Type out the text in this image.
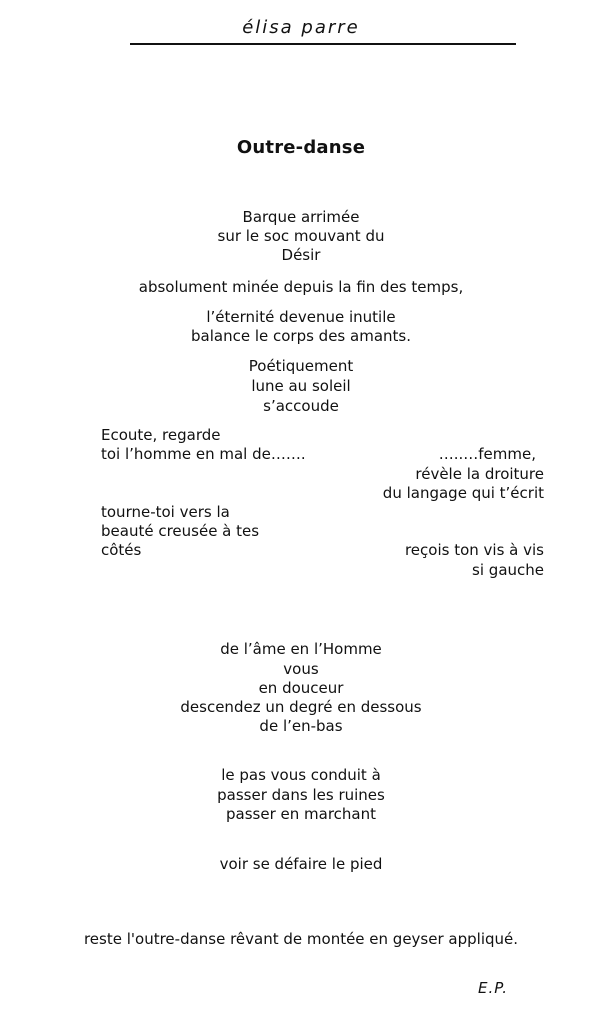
élisa parre
Outre-danse
Barque arrimée
sur le soc mouvant du
Désir
absolument minée depuis la fin des temps,
l’éternité devenue inutile
balance le corps des amants.
Poétiquement
lune au soleil
s’accoude
Ecoute, regarde
toi l’homme en mal de…….	…..…femme,
révèle la droiture
du langage qui t’écrit
tourne-toi vers la
beauté creusée à tes
côtés	reçois ton vis à vis
si gauche
de l’âme en l’Homme
vous
en douceur
descendez un degré en dessous
de l’en-bas
le pas vous conduit à
passer dans les ruines
passer en marchant
voir se défaire le pied
reste l'outre-danse rêvant de montée en geyser appliqué.
E.P.
